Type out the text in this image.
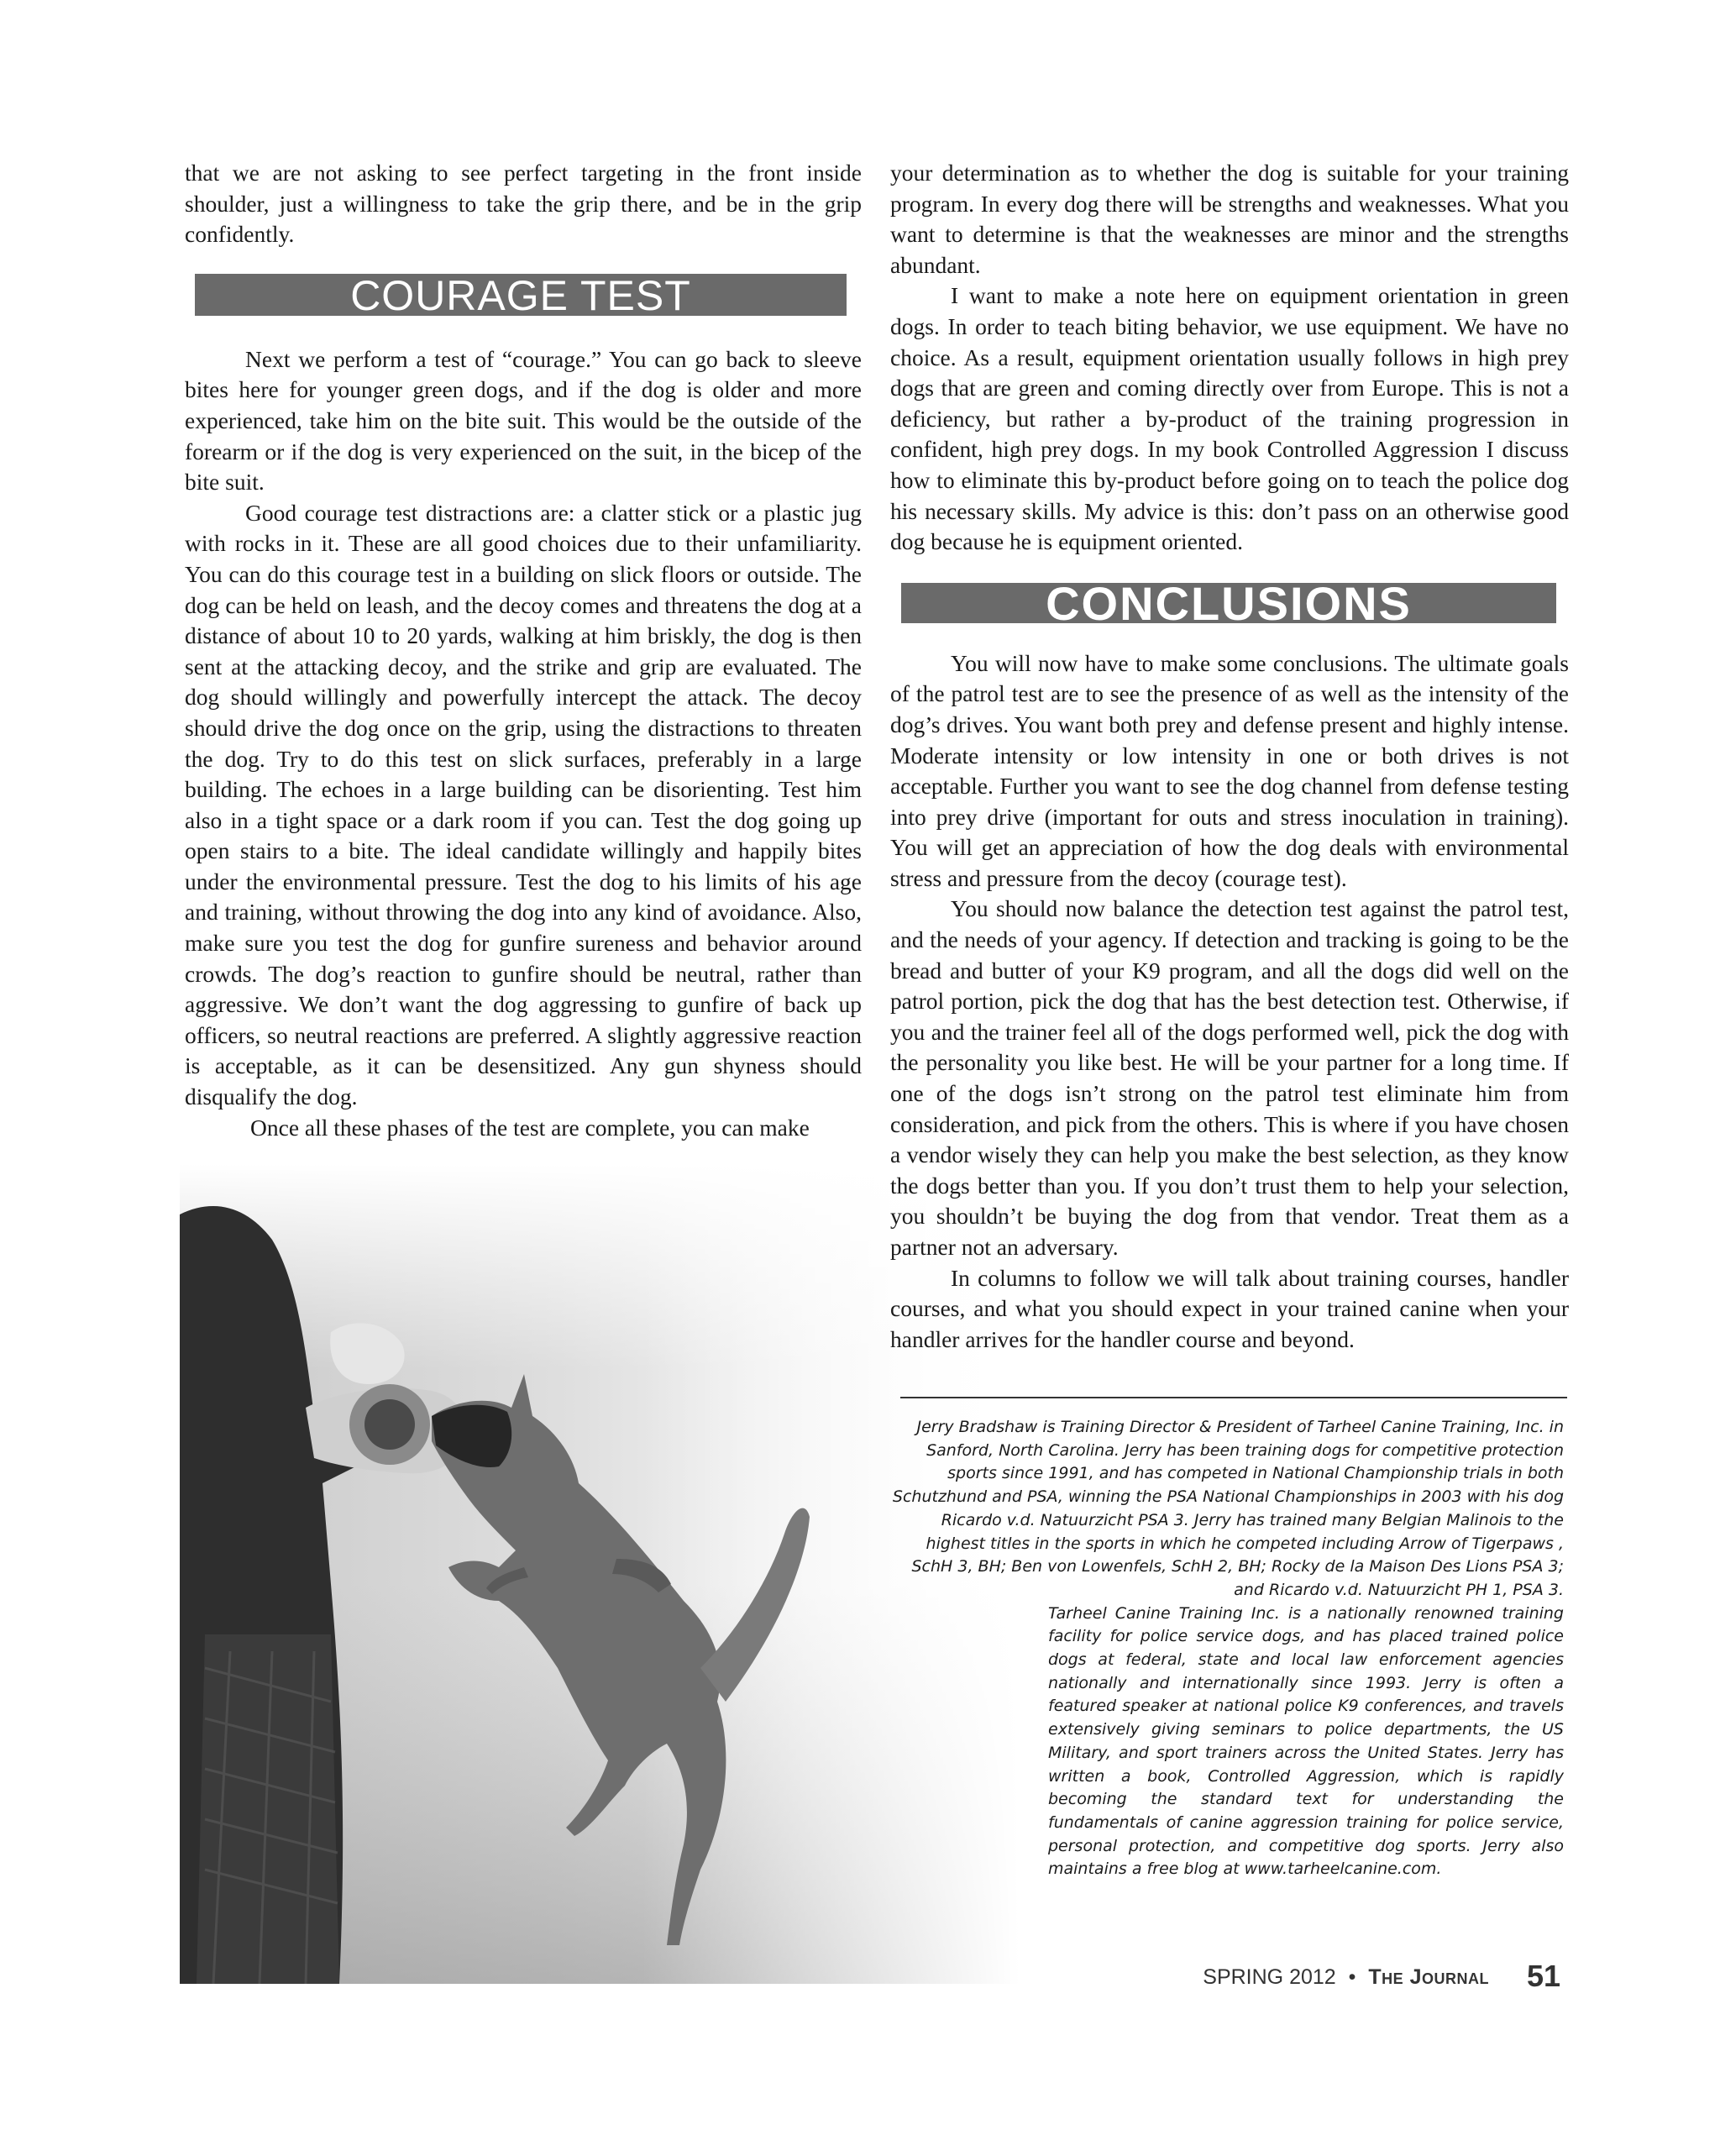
that we are not asking to see perfect targeting in the front inside shoulder, just a willingness to take the grip there, and be in the grip confidently.

Next we perform a test of “courage.” You can go back to sleeve bites here for younger green dogs, and if the dog is older and more experienced, take him on the bite suit. This would be the outside of the forearm or if the dog is very experienced on the suit, in the bicep of the bite suit.

Good courage test distractions are: a clatter stick or a plastic jug with rocks in it. These are all good choices due to their unfamiliarity. You can do this courage test in a building on slick floors or outside. The dog can be held on leash, and the decoy comes and threatens the dog at a distance of about 10 to 20 yards, walking at him briskly, the dog is then sent at the attacking decoy, and the strike and grip are evaluated. The dog should willingly and powerfully intercept the attack. The decoy should drive the dog once on the grip, using the distractions to threaten the dog. Try to do this test on slick surfaces, preferably in a large building. The echoes in a large building can be disorienting. Test him also in a tight space or a dark room if you can. Test the dog going up open stairs to a bite. The ideal candidate willingly and happily bites under the environmental pressure. Test the dog to his limits of his age and training, without throwing the dog into any kind of avoidance. Also, make sure you test the dog for gunfire sureness and behavior around crowds. The dog’s reaction to gunfire should be neutral, rather than aggressive. We don’t want the dog aggressing to gunfire of back up officers, so neutral reactions are preferred. A slightly aggressive reaction is acceptable, as it can be desensitized. Any gun shyness should disqualify the dog.

Once all these phases of the test are complete, you can make

COURAGE TEST

your determination as to whether the dog is suitable for your training program. In every dog there will be strengths and weaknesses. What you want to determine is that the weaknesses are minor and the strengths abundant.

I want to make a note here on equipment orientation in green dogs. In order to teach biting behavior, we use equipment. We have no choice. As a result, equipment orientation usually follows in high prey dogs that are green and coming directly over from Europe. This is not a deficiency, but rather a by-product of the training progression in confident, high prey dogs. In my book Controlled Aggression I discuss how to eliminate this by-product before going on to teach the police dog his necessary skills. My advice is this: don’t pass on an otherwise good dog because he is equipment oriented.

You will now have to make some conclusions. The ultimate goals of the patrol test are to see the presence of as well as the intensity of the dog’s drives. You want both prey and defense present and highly intense. Moderate intensity or low intensity in one or both drives is not acceptable. Further you want to see the dog channel from defense testing into prey drive (important for outs and stress inoculation in training). You will get an appreciation of how the dog deals with environmental stress and pressure from the decoy (courage test).

You should now balance the detection test against the patrol test, and the needs of your agency. If detection and tracking is going to be the bread and butter of your K9 program, and all the dogs did well on the patrol portion, pick the dog that has the best detection test. Otherwise, if you and the trainer feel all of the dogs performed well, pick the dog with the personality you like best. He will be your partner for a long time. If one of the dogs isn’t strong on the patrol test eliminate him from consideration, and pick from the others. This is where if you have chosen a vendor wisely they can help you make the best selection, as they know the dogs better than you. If you don’t trust them to help your selection, you shouldn’t be buying the dog from that vendor. Treat them as a partner not an adversary.

In columns to follow we will talk about training courses, handler courses, and what you should expect in your trained canine when your handler arrives for the handler course and beyond.

CONCLUSIONS

Jerry Bradshaw is Training Director & President of Tarheel Canine Training, Inc. in Sanford, North Carolina. Jerry has been training dogs for competitive protection sports since 1991, and has competed in National Championship trials in both Schutzhund and PSA, winning the PSA National Championships in 2003 with his dog Ricardo v.d. Natuurzicht PSA 3. Jerry has trained many Belgian Malinois to the highest titles in the sports in which he competed including Arrow of Tigerpaws , SchH 3, BH; Ben von Lowenfels, SchH 2, BH; Rocky de la Maison Des Lions PSA 3; and Ricardo v.d. Natuurzicht PH 1, PSA 3.

Tarheel Canine Training Inc. is a nationally renowned training facility for police service dogs, and has placed trained police dogs at federal, state and local law enforcement agencies nationally and internationally since 1993. Jerry is often a featured speaker at national police K9 conferences, and travels extensively giving seminars to police departments, the US Military, and sport trainers across the United States. Jerry has written a book, Controlled Aggression, which is rapidly becoming the standard text for understanding the fundamentals of canine aggression training for police service, personal protection, and competitive dog sports. Jerry also maintains a free blog at www.tarheelcanine.com.

SPRING 2012 • The Journal 51
